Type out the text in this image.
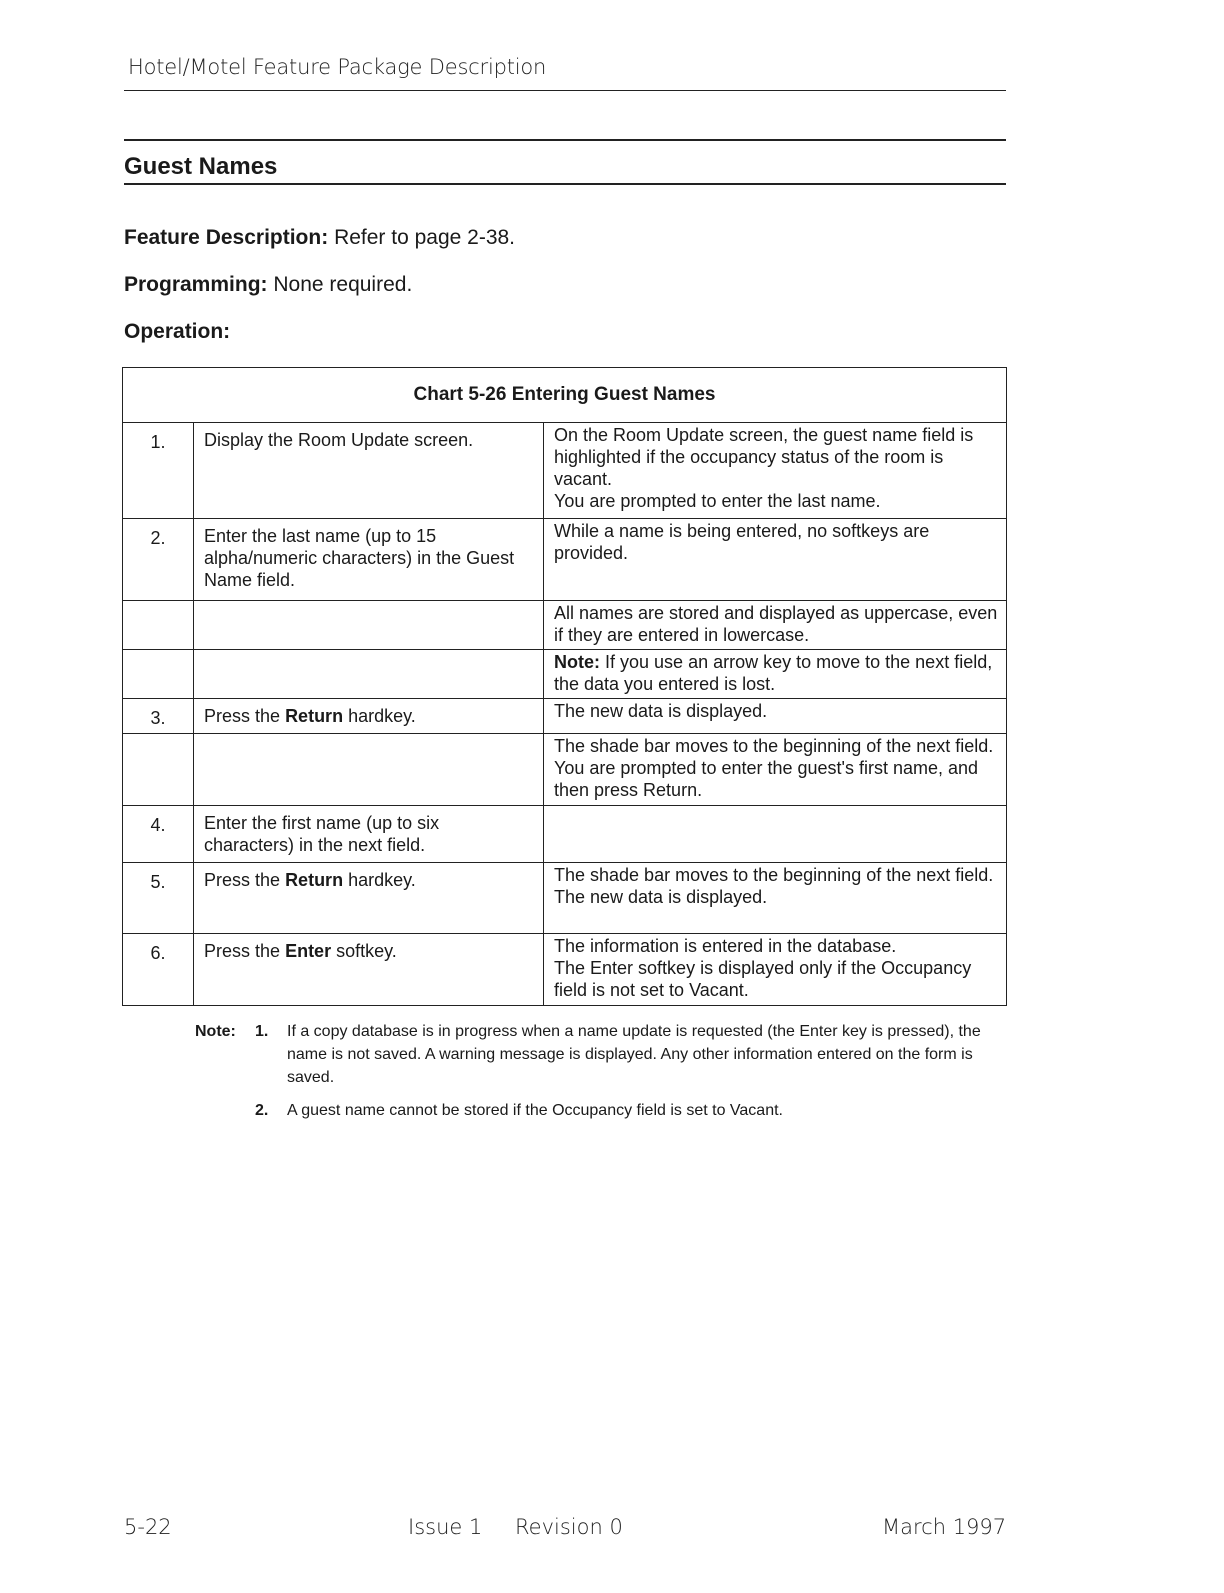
Hotel/Motel Feature Package Description
Guest Names
Feature Description: Refer to page 2-38.
Programming: None required.
Operation:
Chart 5-26 Entering Guest Names		
1.	Display the Room Update screen.	On the Room Update screen, the guest name field is highlighted if the occupancy status of the room is vacant.
You are prompted to enter the last name.

2.	Enter the last name (up to 15 alpha/numeric characters) in the Guest Name field.	While a name is being entered, no softkeys are provided.
		All names are stored and displayed as uppercase, even if they are entered in lowercase.
		Note: If you use an arrow key to move to the next field, the data you entered is lost.
3.	Press the Return hardkey.	The new data is displayed.
		The shade bar moves to the beginning of the next field. You are prompted to enter the guest's first name, and then press Return.
4.	Enter the first name (up to six characters) in the next field.	
5.	Press the Return hardkey.	The shade bar moves to the beginning of the next field.
The new data is displayed.

6.	Press the Enter softkey.	The information is entered in the database.
The Enter softkey is displayed only if the Occupancy field is not set to Vacant.
Note:	1.	If a copy database is in progress when a name update is requested (the Enter key is pressed), the name is not saved. A warning message is displayed. Any other information entered on the form is saved.
2.	A guest name cannot be stored if the Occupancy field is set to Vacant.
5-22	Issue 1 Revision 0	March 1997
